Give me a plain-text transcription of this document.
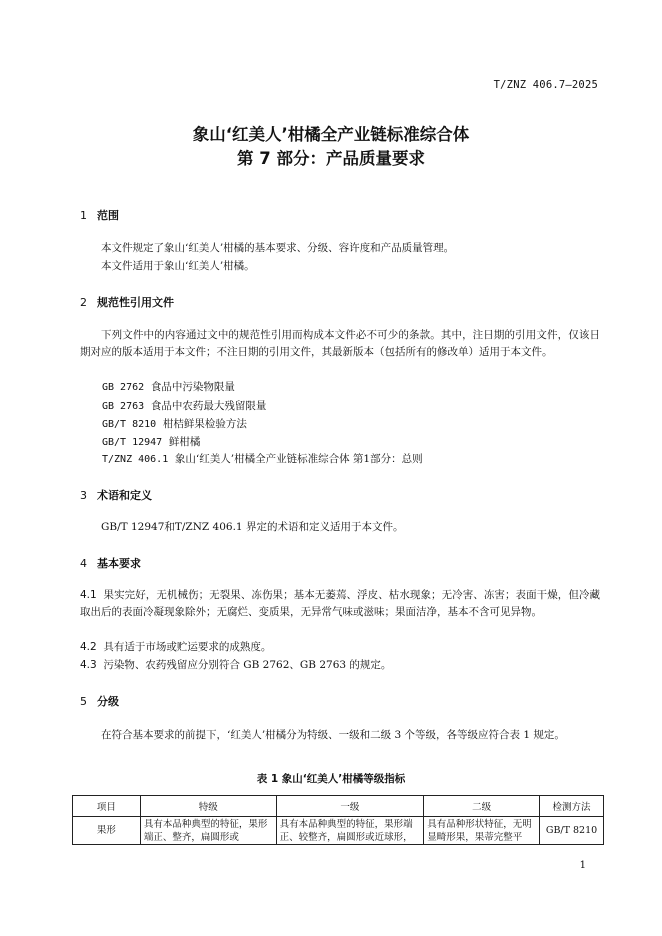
T/ZNZ 406.7—2025
象山‘红美人’柑橘全产业链标准综合体
第 7 部分：产品质量要求
1 范围
本文件规定了象山‘红美人’柑橘的基本要求、分级、容许度和产品质量管理。
本文件适用于象山‘红美人’柑橘。
2 规范性引用文件
下列文件中的内容通过文中的规范性引用而构成本文件必不可少的条款。其中，注日期的引用文件，仅该日期对应的版本适用于本文件；不注日期的引用文件，其最新版本（包括所有的修改单）适用于本文件。
GB 2762 食品中污染物限量
GB 2763 食品中农药最大残留限量
GB/T 8210 柑桔鲜果检验方法
GB/T 12947 鲜柑橘
T/ZNZ 406.1 象山‘红美人’柑橘全产业链标准综合体 第1部分：总则
3 术语和定义
GB/T 12947和T/ZNZ 406.1 界定的术语和定义适用于本文件。
4 基本要求
4.1 果实完好，无机械伤；无裂果、冻伤果；基本无萎蔫、浮皮、枯水现象；无冷害、冻害；表面干燥，但冷藏取出后的表面冷凝现象除外；无腐烂、变质果，无异常气味或滋味；果面洁净，基本不含可见异物。
4.2 具有适于市场或贮运要求的成熟度。
4.3 污染物、农药残留应分别符合 GB 2762、GB 2763 的规定。
5 分级
在符合基本要求的前提下，‘红美人’柑橘分为特级、一级和二级 3 个等级，各等级应符合表 1 规定。
表 1 象山‘红美人’柑橘等级指标
项目	特级	一级	二级	检测方法
果形	具有本品种典型的特征，果形端正、整齐，扁圆形或	具有本品种典型的特征，果形端正、较整齐，扁圆形或近球形，	具有品种形状特征，无明显畸形果，果蒂完整平	GB/T 8210
1
